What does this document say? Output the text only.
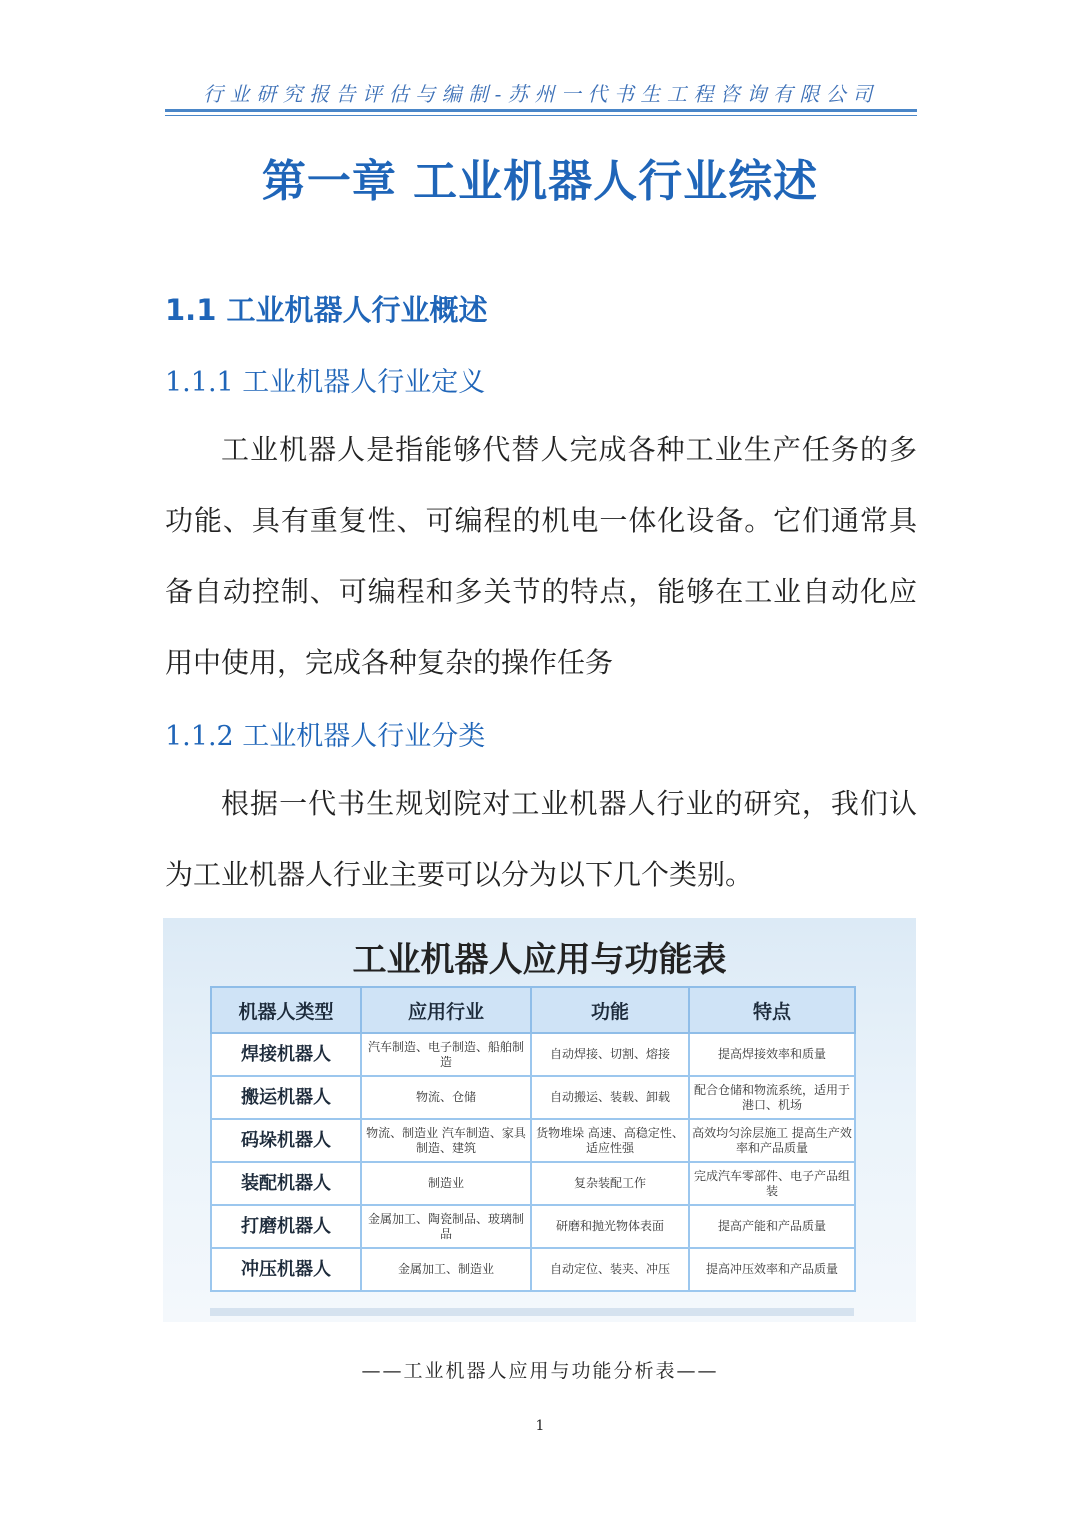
行业研究报告评估与编制-苏州一代书生工程咨询有限公司
第一章 工业机器人行业综述
1.1 工业机器人行业概述
1.1.1 工业机器人行业定义
工业机器人是指能够代替人完成各种工业生产任务的多功能、具有重复性、可编程的机电一体化设备。它们通常具备自动控制、可编程和多关节的特点，能够在工业自动化应用中使用，完成各种复杂的操作任务
1.1.2 工业机器人行业分类
根据一代书生规划院对工业机器人行业的研究，我们认为工业机器人行业主要可以分为以下几个类别。
工业机器人应用与功能表
机器人类型	应用行业	功能	特点
焊接机器人	汽车制造、电子制造、船舶制造	自动焊接、切割、熔接	提高焊接效率和质量
搬运机器人	物流、仓储	自动搬运、装载、卸载	配合仓储和物流系统，适用于港口、机场
码垛机器人	物流、制造业 汽车制造、家具制造、建筑	货物堆垛 高速、高稳定性、适应性强	高效均匀涂层施工 提高生产效率和产品质量
装配机器人	制造业	复杂装配工作	完成汽车零部件、电子产品组装
打磨机器人	金属加工、陶瓷制品、玻璃制品	研磨和抛光物体表面	提高产能和产品质量
冲压机器人	金属加工、制造业	自动定位、装夹、冲压	提高冲压效率和产品质量
——工业机器人应用与功能分析表——
1
